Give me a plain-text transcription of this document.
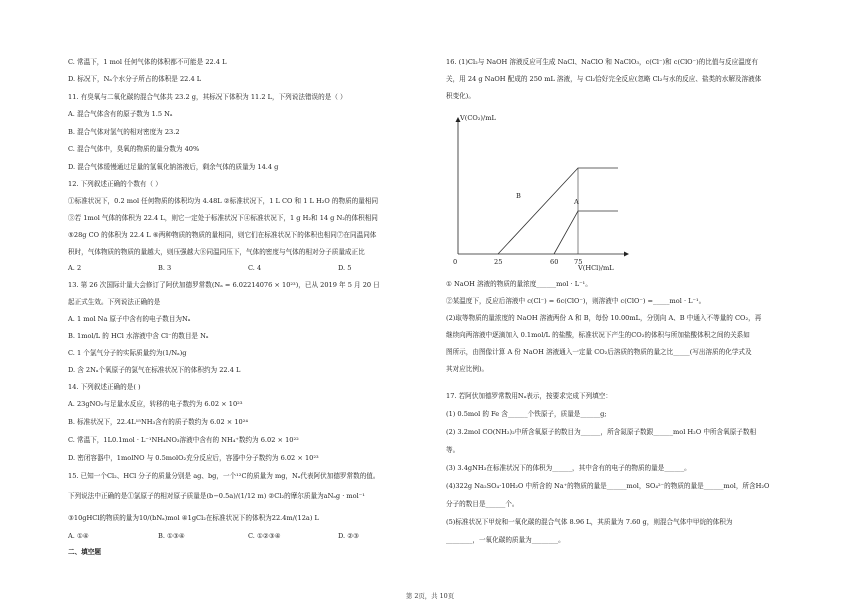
C. 常温下，1 mol 任何气体的体积都不可能是 22.4 L
D. 标况下，Nₐ个水分子所占的体积是 22.4 L
11. 有臭氧与二氧化碳的混合气体共 23.2 g，其标况下体积为 11.2 L，下列说法错误的是（ ）
A. 混合气体含有的原子数为 1.5 Nₐ
B. 混合气体对氢气的相对密度为 23.2
C. 混合气体中，臭氧的物质的量分数为 40%
D. 混合气体缓慢通过足量的氢氧化钠溶液后，剩余气体的质量为 14.4 g
12. 下列叙述正确的个数有（ ）
①标准状况下，0.2 mol 任何物质的体积均为 4.48L ②标准状况下，1 L CO 和 1 L H₂O 的物质的量相同
③若 1mol 气体的体积为 22.4 L，则它一定处于标准状况下④标准状况下，1 g H₂和 14 g N₂的体积相同
⑤28g CO 的体积为 22.4 L ⑥两种物质的物质的量相同，则它们在标准状况下的体积也相同⑦在同温同体
积时，气体物质的物质的量越大，则压强越大⑧同温同压下，气体的密度与气体的相对分子质量成正比
A. 2	B. 3	C. 4	D. 5
13. 第 26 次国际计量大会修订了阿伏加德罗常数(Nₐ = 6.02214076 × 10²³)，已从 2019 年 5 月 20 日
起正式生效。下列说法正确的是
A. 1 mol Na 原子中含有的电子数目为Nₐ
B. 1mol/L 的 HCl 水溶液中含 Cl⁻的数目是 Nₐ
C. 1 个氯气分子的实际质量约为(1/Nₐ)g
D. 含 2Nₐ个氧原子的氯气在标准状况下的体积约为 22.4 L
14. 下列叙述正确的是( )
A. 23gNO₂与足量水反应，转移的电子数约为 6.02 × 10²³
B. 标准状况下，22.4L¹⁵NH₃含有的质子数约为 6.02 × 10²⁴
C. 常温下，1L0.1mol · L⁻¹NH₄NO₃溶液中含有的 NH₄⁺数约为 6.02 × 10²²
D. 密闭容器中，1molNO 与 0.5molO₂充分反应后，容器中分子数约为 6.02 × 10²³
15. 已知一个Cl₂、HCl 分子的质量分别是 ag、bg，一个¹²C的质量为 mg，Nₐ代表阿伏加德罗常数的值。
下列说法中正确的是①氯原子的相对原子质量是(b−0.5a)/(1/12 m) ②Cl₂的摩尔质量为aNₐg · mol⁻¹
③10gHCl的物质的量为10/(bNₐ)mol ④1gCl₂在标准状况下的体积为22.4m/(12a) L
A. ①④	B. ①③④	C. ①②③④	D. ②③
二、填空题
16. (1)Cl₂与 NaOH 溶液反应可生成 NaCl、NaClO 和 NaClO₃，c(Cl⁻)和 c(ClO⁻)的比值与反应温度有
关，用 24 g NaOH 配成的 250 mL 溶液，与 Cl₂恰好完全反应(忽略 Cl₂与水的反应、盐类的水解及溶液体
积变化)。
V(CO₂)/mL
V(HCl)/mL
0	25	60 75
B
A
① NaOH 溶液的物质的量浓度______mol · L⁻¹。
②某温度下，反应后溶液中 c(Cl⁻) = 6c(ClO⁻)，则溶液中 c(ClO⁻) =_____mol · L⁻¹。
(2)取等物质的量浓度的 NaOH 溶液两份 A 和 B，每份 10.00mL，分别向 A、B 中通入不等量的 CO₂，再
继续向两溶液中逐滴加入 0.1mol/L 的盐酸，标准状况下产生的CO₂的体积与所加盐酸体积之间的关系如
图所示，由图像计算 A 份 NaOH 溶液通入一定量 CO₂后溶质的物质的量之比_____(写出溶质的化学式及
其对应比例)。
17. 若阿伏加德罗常数用Nₐ表示，按要求完成下列填空：
(1) 0.5mol 的 Fe 含______个铁原子，质量是______g;
(2) 3.2mol CO(NH₂)₂中所含氧原子的数目为______，所含氮原子数跟______mol H₂O 中所含氧原子数相
等。
(3) 3.4gNH₃在标准状况下的体积为______，其中含有的电子的物质的量是______。
(4)322g Na₂SO₄·10H₂O 中所含的 Na⁺的物质的量是______mol，SO₄²⁻的物质的量是______mol，所含H₂O
分子的数目是______个。
(5)标准状况下甲烷和一氧化碳的混合气体 8.96 L，其质量为 7.60 g，则混合气体中甲烷的体积为
________，一氧化碳的质量为________。
第 2页，共 10页
